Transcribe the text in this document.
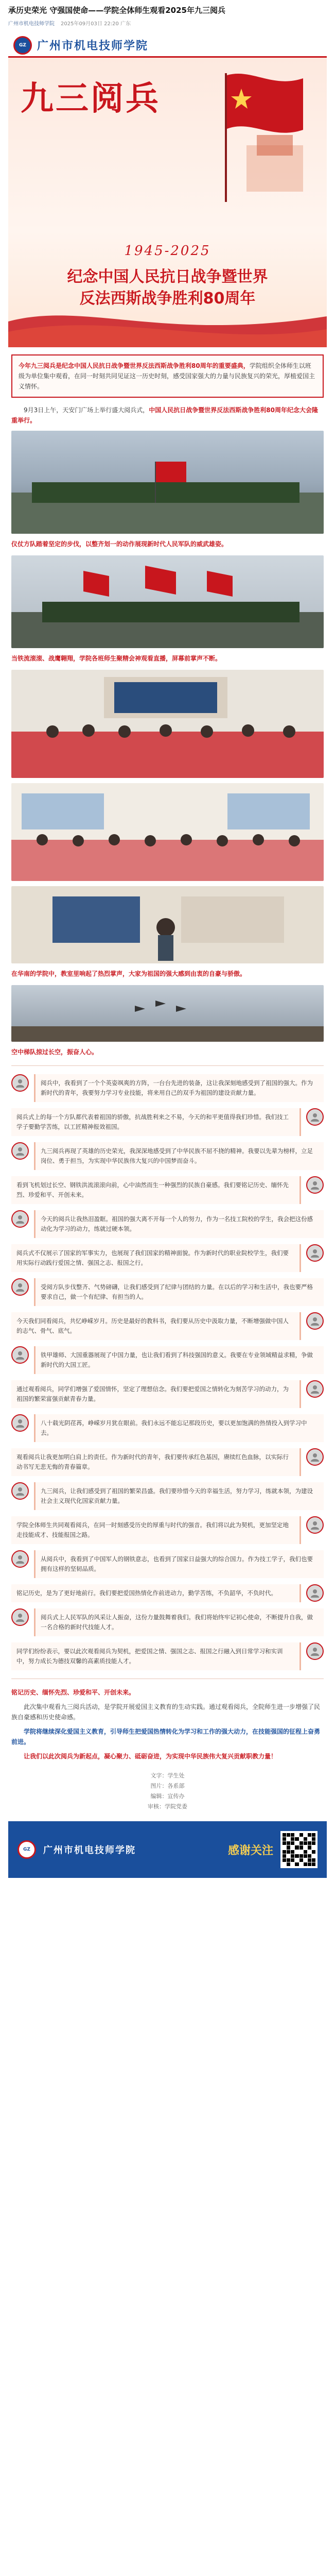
承历史荣光 守强国使命——学院全体师生观看2025年九三阅兵
广州市机电技师学院 2025年09月03日 22:20 广东
GZ 广州市机电技师学院
九三阅兵
1945-2025
纪念中国人民抗日战争暨世界
反法西斯战争胜利80周年
今年九三阅兵是纪念中国人民抗日战争暨世界反法西斯战争胜利80周年的重要盛典，学院组织全体师生以班级为单位集中观看，在同一时刻共同见证这一历史时刻，感受国家强大的力量与民族复兴的荣光，厚植爱国主义情怀。
9月3日上午，天安门广场上举行盛大阅兵式，中国人民抗日战争暨世界反法西斯战争胜利80周年纪念大会隆重举行。
仪仗方队踏着坚定的步伐，以整齐划一的动作展现新时代人民军队的威武雄姿。
当铁流滚滚、战鹰翱翔，学院各班师生聚精会神观看直播，屏幕前掌声不断。
在华南的学院中，教室里响起了热烈掌声，大家为祖国的强大感到由衷的自豪与骄傲。
空中梯队掠过长空，振奋人心。
阅兵中，我看到了一个个英姿飒爽的方阵，一台台先进的装备，这让我深刻地感受到了祖国的强大。作为新时代的青年，我要努力学习专业技能，将来用自己的双手为祖国的建设贡献力量。
阅兵式上的每一个方队都代表着祖国的骄傲，抗战胜利来之不易，今天的和平更值得我们珍惜。我们技工学子要勤学苦练，以工匠精神报效祖国。
九三阅兵再现了英雄的历史荣光，我深深地感受到了中华民族不屈不挠的精神。我要以先辈为榜样，立足岗位、勇于担当，为实现中华民族伟大复兴的中国梦而奋斗。
看到飞机划过长空、钢铁洪流滚滚向前，心中油然而生一种强烈的民族自豪感。我们要铭记历史、缅怀先烈、珍爱和平、开创未来。
今天的阅兵让我热泪盈眶。祖国的强大离不开每一个人的努力，作为一名技工院校的学生，我会把这份感动化为学习的动力，练就过硬本领。
阅兵式不仅展示了国家的军事实力，也展现了我们国家的精神面貌。作为新时代的职业院校学生，我们要用实际行动践行爱国之情、强国之志、报国之行。
受阅方队步伐整齐、气势磅礴，让我们感受到了纪律与团结的力量。在以后的学习和生活中，我也要严格要求自己，做一个有纪律、有担当的人。
今天我们同看阅兵，共忆峥嵘岁月。历史是最好的教科书，我们要从历史中汲取力量，不断增强做中国人的志气、骨气、底气。
铁甲雄师、大国重器展现了中国力量，也让我们看到了科技强国的意义。我要在专业领域精益求精，争做新时代的大国工匠。
通过观看阅兵，同学们增强了爱国情怀，坚定了理想信念。我们要把爱国之情转化为刻苦学习的动力，为祖国的繁荣富强贡献青春力量。
八十载光阴荏苒，峥嵘岁月犹在眼前。我们永远不能忘记那段历史，要以更加饱满的热情投入到学习中去。
观看阅兵让我更加明白肩上的责任。作为新时代的青年，我们要传承红色基因，赓续红色血脉，以实际行动书写无悲无悔的青春篇章。
九三阅兵，让我们感受到了祖国的繁荣昌盛。我们要珍惜今天的幸福生活，努力学习，练就本领，为建设社会主义现代化国家贡献力量。
学院全体师生共同观看阅兵，在同一时刻感受历史的厚重与时代的强音。我们将以此为契机，更加坚定地走技能成才、技能报国之路。
从阅兵中，我看到了中国军人的钢铁意志，也看到了国家日益强大的综合国力。作为技工学子，我们也要拥有这样的坚韧品质。
铭记历史，是为了更好地前行。我们要把爱国热情化作前进动力，勤学苦练，不负韶华，不负时代。
阅兵式上人民军队的风采让人振奋，这份力量鼓舞着我们。我们将始终牢记初心使命，不断提升自我，做一名合格的新时代技能人才。
同学们纷纷表示，要以此次观看阅兵为契机，把爱国之情、强国之志、报国之行融入到日常学习和实训中，努力成长为德技双馨的高素质技能人才。

铭记历史、缅怀先烈、珍爱和平、开创未来。

此次集中观看九三阅兵活动，是学院开展爱国主义教育的生动实践。通过观看阅兵，全院师生进一步增强了民族自豪感和历史使命感。

学院将继续深化爱国主义教育，引导师生把爱国热情转化为学习和工作的强大动力，在技能强国的征程上奋勇前进。

让我们以此次阅兵为新起点，凝心聚力、砥砺奋进，为实现中华民族伟大复兴贡献职教力量！

文字：学生处
图片：各系部
编辑：宣传办
审核：学院党委
GZ 广州市机电技师学院	感谢关注
